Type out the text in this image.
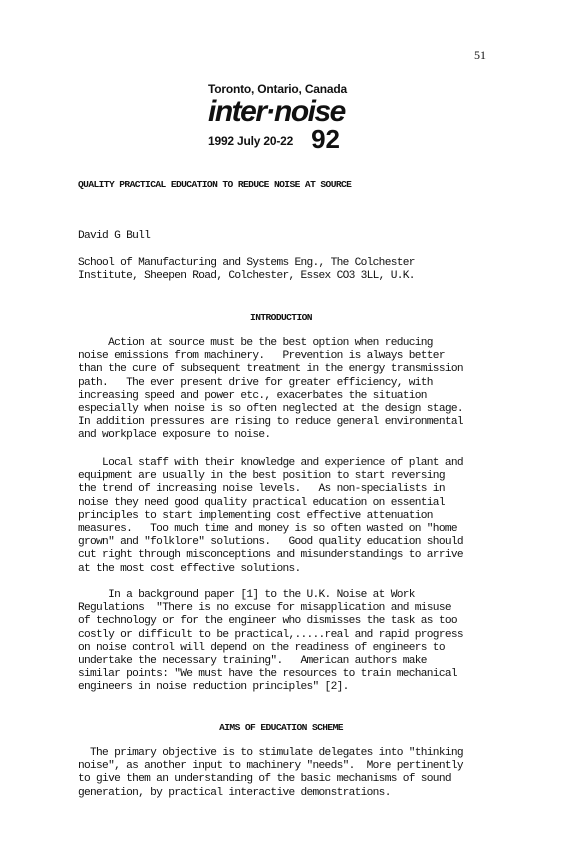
51
Toronto, Ontario, Canada
inter·noise
1992 July 20-22 92
QUALITY PRACTICAL EDUCATION TO REDUCE NOISE AT SOURCE
David G Bull
School of Manufacturing and Systems Eng., The Colchester
Institute, Sheepen Road, Colchester, Essex CO3 3LL, U.K.
INTRODUCTION
Action at source must be the best option when reducing
noise emissions from machinery.   Prevention is always better
than the cure of subsequent treatment in the energy transmission
path.   The ever present drive for greater efficiency, with
increasing speed and power etc., exacerbates the situation
especially when noise is so often neglected at the design stage.
In addition pressures are rising to reduce general environmental
and workplace exposure to noise.
Local staff with their knowledge and experience of plant and
equipment are usually in the best position to start reversing
the trend of increasing noise levels.   As non-specialists in
noise they need good quality practical education on essential
principles to start implementing cost effective attenuation
measures.   Too much time and money is so often wasted on "home
grown" and "folklore" solutions.   Good quality education should
cut right through misconceptions and misunderstandings to arrive
at the most cost effective solutions.
In a background paper [1] to the U.K. Noise at Work
Regulations  "There is no excuse for misapplication and misuse
of technology or for the engineer who dismisses the task as too
costly or difficult to be practical,.....real and rapid progress
on noise control will depend on the readiness of engineers to
undertake the necessary training".   American authors make
similar points: "We must have the resources to train mechanical
engineers in noise reduction principles" [2].
AIMS OF EDUCATION SCHEME
The primary objective is to stimulate delegates into "thinking
noise", as another input to machinery "needs".  More pertinently
to give them an understanding of the basic mechanisms of sound
generation, by practical interactive demonstrations.
